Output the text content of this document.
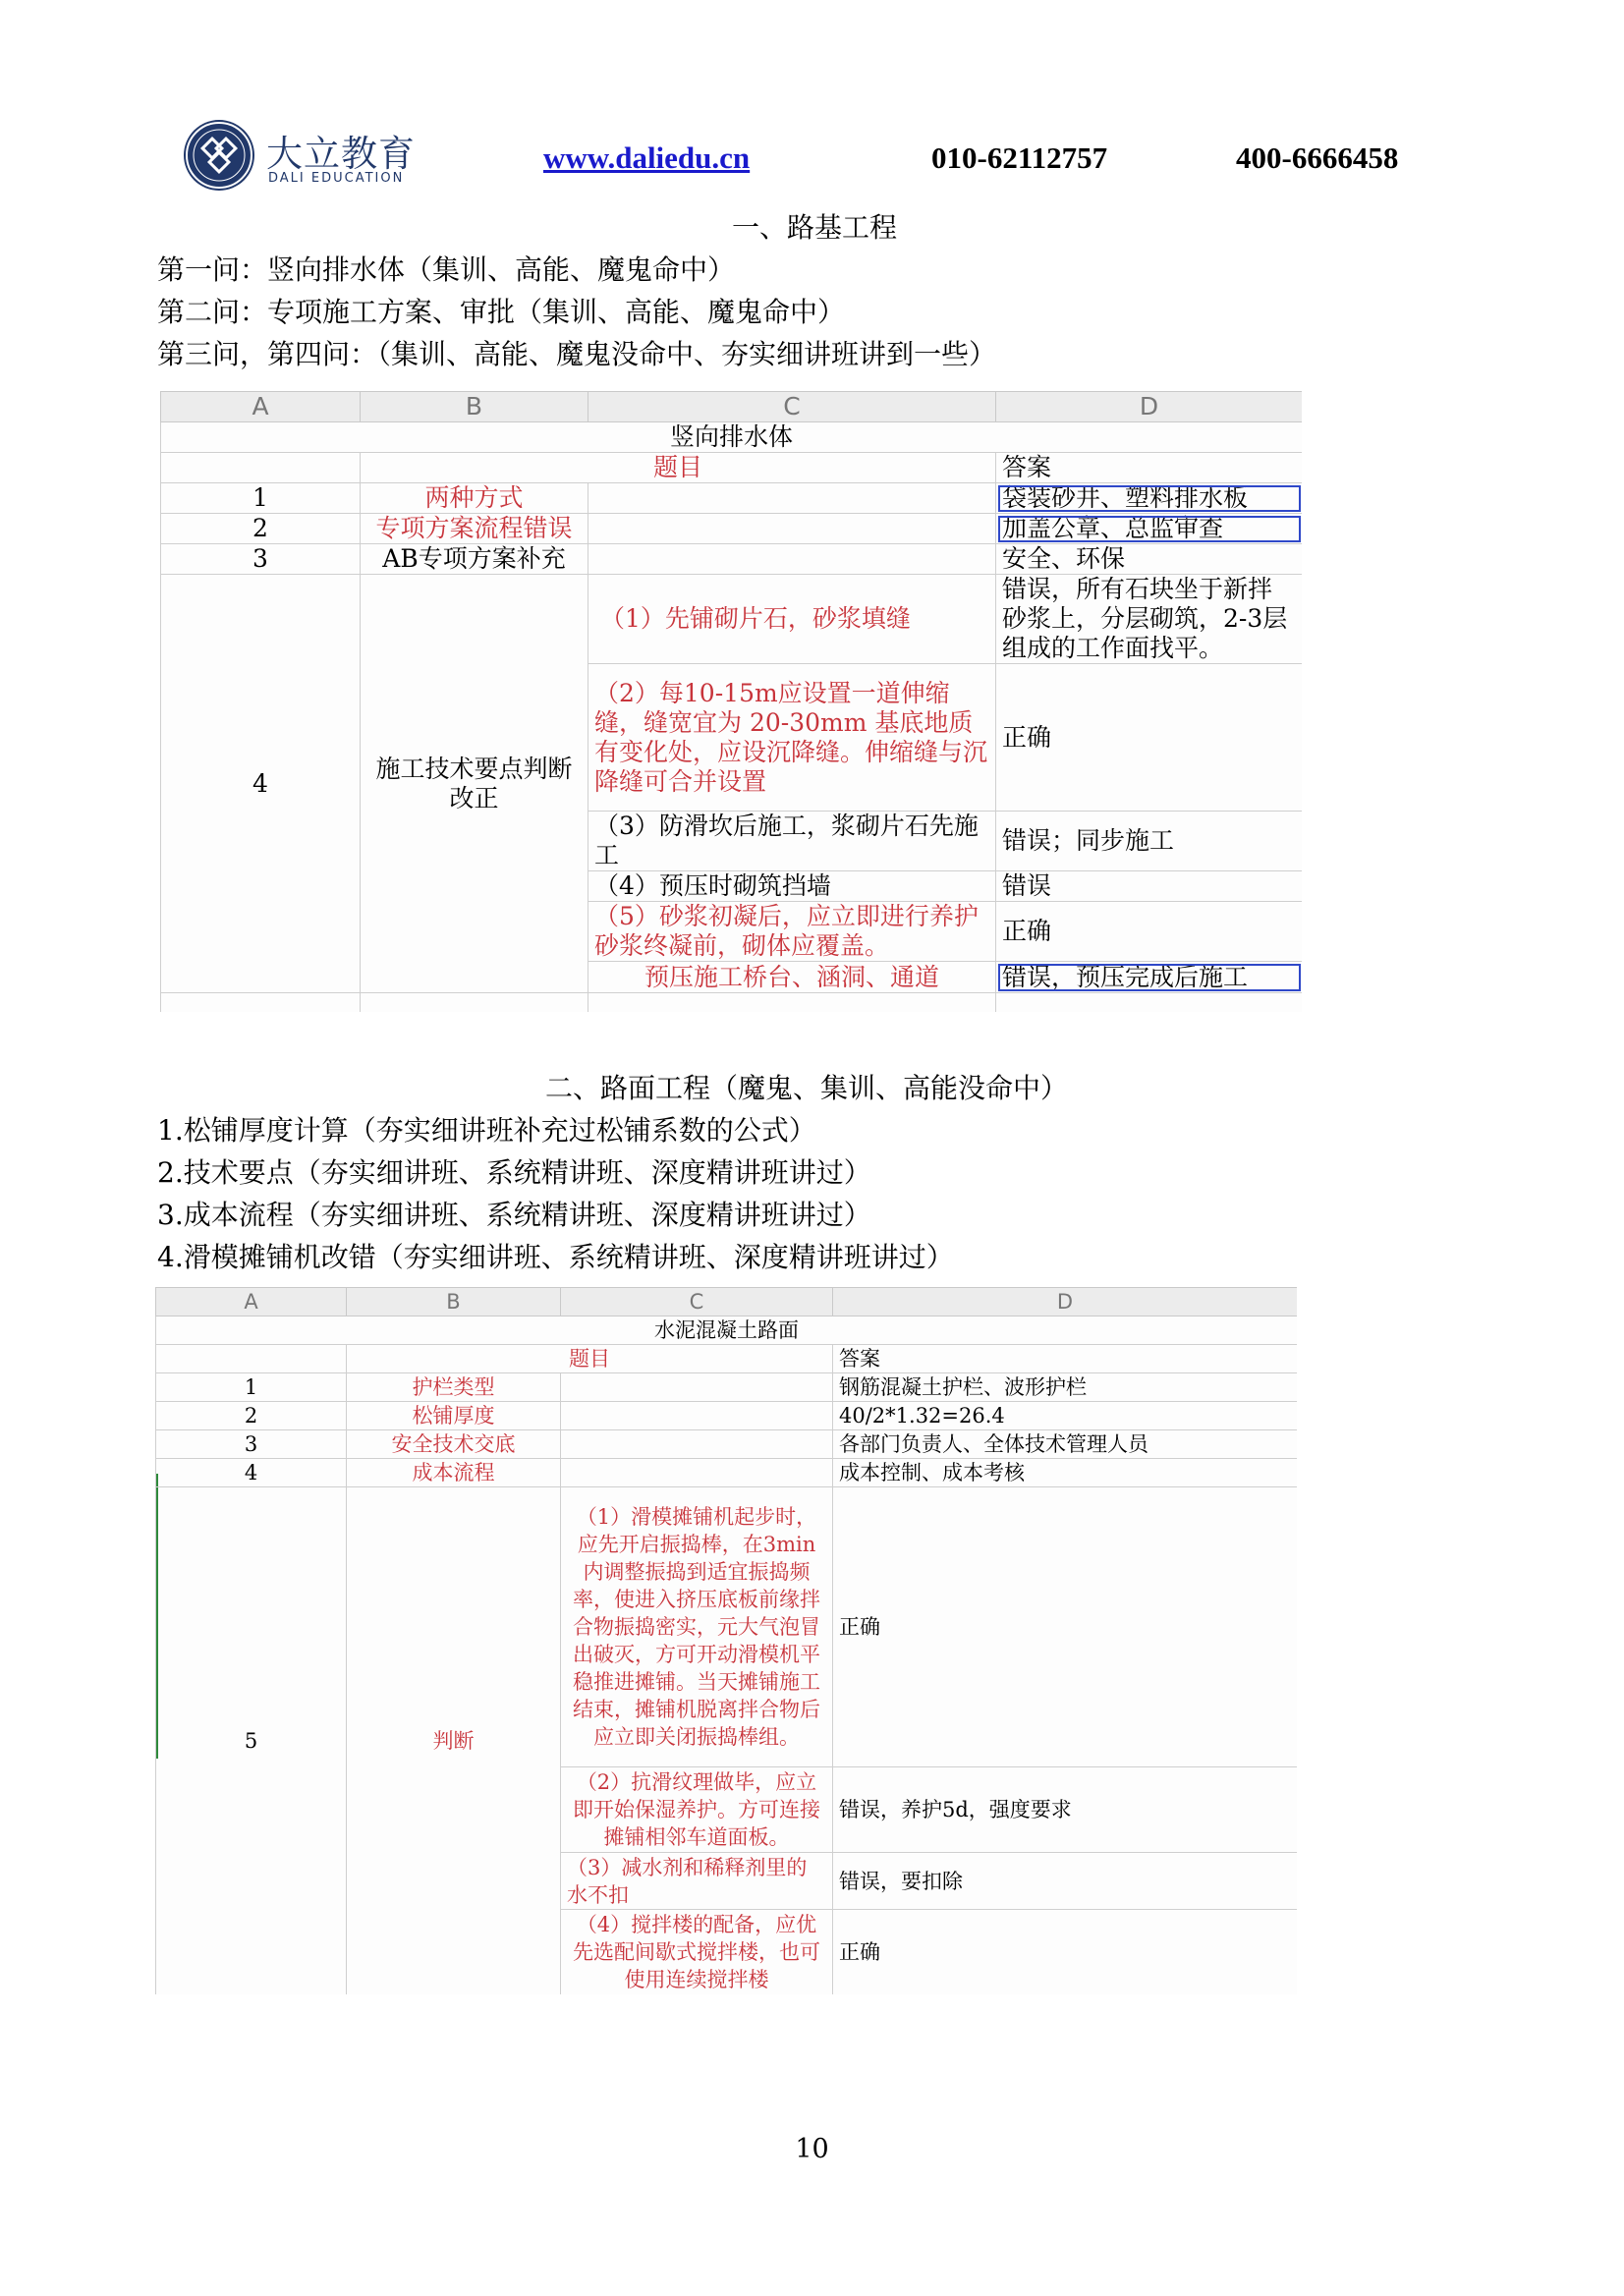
大立教育
DALI EDUCATION
www.daliedu.cn	010-62112757	400-6666458
一、路基工程
第一问：竖向排水体（集训、高能、魔鬼命中）
第二问：专项施工方案、审批（集训、高能、魔鬼命中）
第三问，第四问：（集训、高能、魔鬼没命中、夯实细讲班讲到一些）
A	B	C	D
竖向排水体			
	题目		答案
1	两种方式		袋装砂井、塑料排水板
2	专项方案流程错误		加盖公章、总监审查
3	AB专项方案补充		安全、环保
4	施工技术要点判断改正	（1）先铺砌片石，砂浆填缝	错误，所有石块坐于新拌砂浆上，分层砌筑，2-3层组成的工作面找平。
		（2）每10-15m应设置一道伸缩缝，缝宽宜为 20-30mm 基底地质有变化处，应设沉降缝。伸缩缝与沉降缝可合并设置	正确
		（3）防滑坎后施工，浆砌片石先施工	错误；同步施工
		（4）预压时砌筑挡墙	错误
		（5）砂浆初凝后，应立即进行养护砂浆终凝前，砌体应覆盖。	正确
		预压施工桥台、涵洞、通道	错误，预压完成后施工

二、路面工程（魔鬼、集训、高能没命中）
1.松铺厚度计算（夯实细讲班补充过松铺系数的公式）
2.技术要点（夯实细讲班、系统精讲班、深度精讲班讲过）
3.成本流程（夯实细讲班、系统精讲班、深度精讲班讲过）
4.滑模摊铺机改错（夯实细讲班、系统精讲班、深度精讲班讲过）
A	B	C	D
水泥混凝土路面			
	题目		答案
1	护栏类型		钢筋混凝土护栏、波形护栏
2	松铺厚度		40/2*1.32=26.4
3	安全技术交底		各部门负责人、全体技术管理人员
4	成本流程		成本控制、成本考核
5	判断	（1）滑模摊铺机起步时，应先开启振捣棒，在3min 内调整振捣到适宜振捣频率，使进入挤压底板前缘拌合物振捣密实，元大气泡冒出破灭，方可开动滑模机平稳推进摊铺。当天摊铺施工结束，摊铺机脱离拌合物后应立即关闭振捣棒组。	正确
		（2）抗滑纹理做毕，应立即开始保湿养护。方可连接摊铺相邻车道面板。	错误，养护5d，强度要求
		（3）减水剂和稀释剂里的水不扣	错误，要扣除
		（4）搅拌楼的配备，应优先选配间歇式搅拌楼，也可使用连续搅拌楼	正确

10
